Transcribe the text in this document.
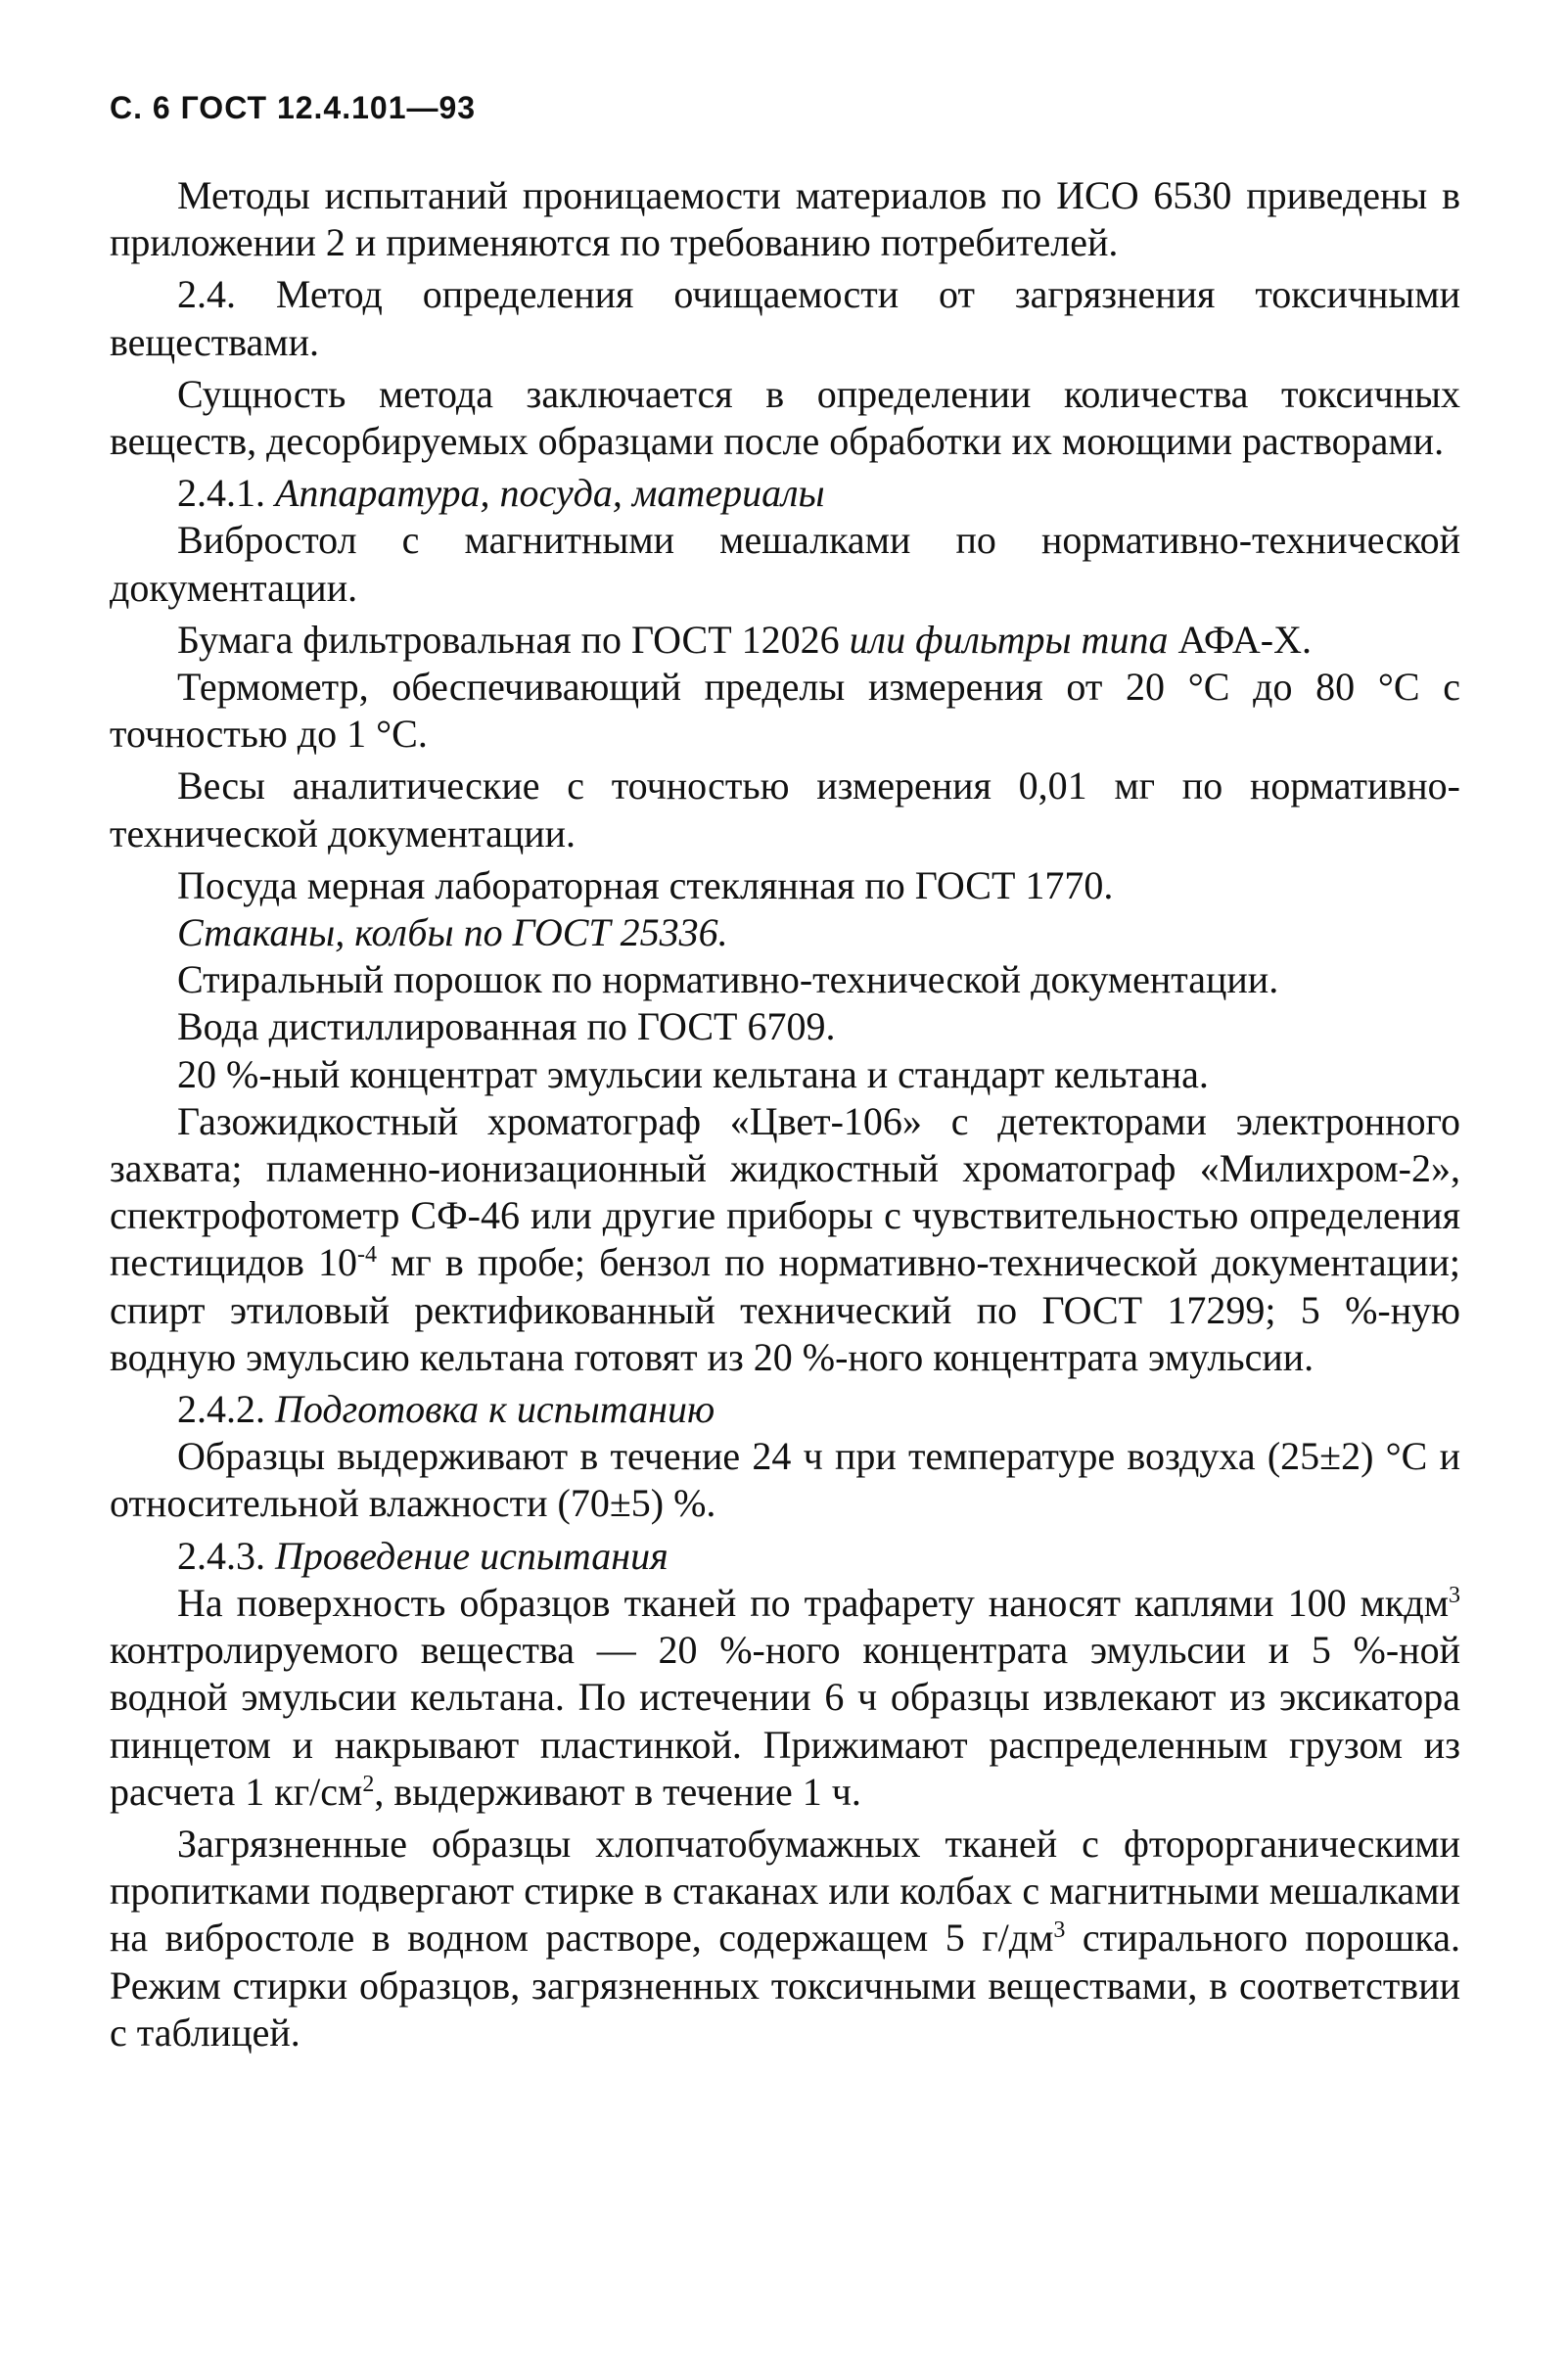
С. 6 ГОСТ 12.4.101—93

Методы испытаний проницаемости материалов по ИСО 6530 приведены в приложении 2 и применяются по требованию потребителей.

2.4. Метод определения очищаемости от загрязнения токсичными веществами.

Сущность метода заключается в определении количества токсичных веществ, десорбируемых образцами после обработки их моющими растворами.

2.4.1. Аппаратура, посуда, материалы

Вибростол с магнитными мешалками по нормативно-технической документации.

Бумага фильтровальная по ГОСТ 12026 или фильтры типа АФА-Х.

Термометр, обеспечивающий пределы измерения от 20 °С до 80 °С с точностью до 1 °С.

Весы аналитические с точностью измерения 0,01 мг по нормативно-технической документации.

Посуда мерная лабораторная стеклянная по ГОСТ 1770.

Стаканы, колбы по ГОСТ 25336.

Стиральный порошок по нормативно-технической документации.

Вода дистиллированная по ГОСТ 6709.

20 %-ный концентрат эмульсии кельтана и стандарт кельтана.

Газожидкостный хроматограф «Цвет-106» с детекторами электронного захвата; пламенно-ионизационный жидкостный хроматограф «Милихром-2», спектрофотометр СФ-46 или другие приборы с чувствительностью определения пестицидов $10^{-4}$ мг в пробе; бензол по нормативно-технической документации; спирт этиловый ректификованный технический по ГОСТ 17299; 5 %-ную водную эмульсию кельтана готовят из 20 %-ного концентрата эмульсии.

2.4.2. Подготовка к испытанию

Образцы выдерживают в течение 24 ч при температуре воздуха (25±2) °С и относительной влажности (70±5) %.

2.4.3. Проведение испытания

На поверхность образцов тканей по трафарету наносят каплями 100 мкдм$^3$ контролируемого вещества — 20 %-ного концентрата эмульсии и 5 %-ной водной эмульсии кельтана. По истечении 6 ч образцы извлекают из эксикатора пинцетом и накрывают пластинкой. Прижимают распределенным грузом из расчета 1 $кг/см^2$, выдерживают в течение 1 ч.

Загрязненные образцы хлопчатобумажных тканей с фторорганическими пропитками подвергают стирке в стаканах или колбах с магнитными мешалками на вибростоле в водном растворе, содержащем 5 $г/дм^3$ стирального порошка. Режим стирки образцов, загрязненных токсичными веществами, в соответствии с таблицей.
